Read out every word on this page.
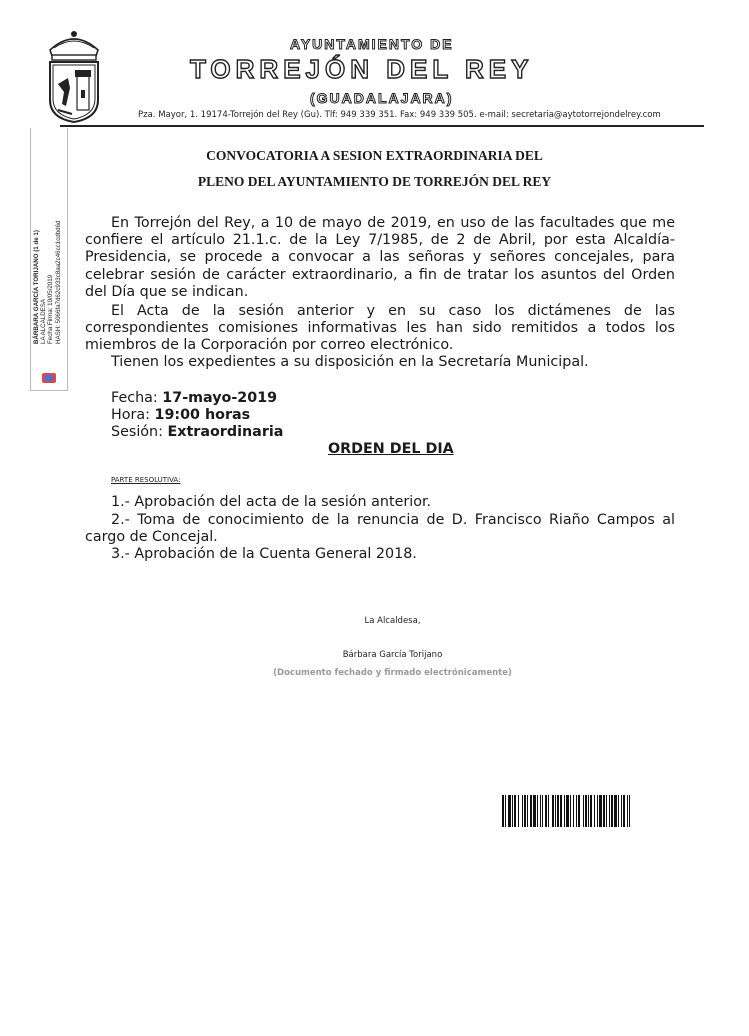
AYUNTAMIENTO DE
TORREJÓN DEL REY
(GUADALAJARA)
Pza. Mayor, 1. 19174-Torrejón del Rey (Gu). Tlf: 949 339 351. Fax: 949 339 505. e-mail: secretaria@aytotorrejondelrey.com
BÁRBARA GARCÍA TORIJANO (1 de 1) LA ALCALDESA Fecha Firma: 10/05/2019 HASH: 5066fa7d62c933c8aa2c46cc1cdbd6d
CONVOCATORIA A SESION EXTRAORDINARIA DEL
PLENO DEL AYUNTAMIENTO DE TORREJÓN DEL REY
En Torrejón del Rey, a 10 de mayo de 2019, en uso de las facultades que me confiere el artículo 21.1.c. de la Ley 7/1985, de 2 de Abril, por esta Alcaldía-Presidencia, se procede a convocar a las señoras y señores concejales, para celebrar sesión de carácter extraordinario, a fin de tratar los asuntos del Orden del Día que se indican.
El Acta de la sesión anterior y en su caso los dictámenes de las correspondientes comisiones informativas les han sido remitidos a todos los miembros de la Corporación por correo electrónico.
Tienen los expedientes a su disposición en la Secretaría Municipal.
Fecha: 17-mayo-2019
Hora: 19:00 horas
Sesión: Extraordinaria
ORDEN DEL DIA
PARTE RESOLUTIVA:
1.- Aprobación del acta de la sesión anterior.
2.- Toma de conocimiento de la renuncia de D. Francisco Riaño Campos al cargo de Concejal.
3.- Aprobación de la Cuenta General 2018.
La Alcaldesa,
Bárbara García Torijano
(Documento fechado y firmado electrónicamente)
